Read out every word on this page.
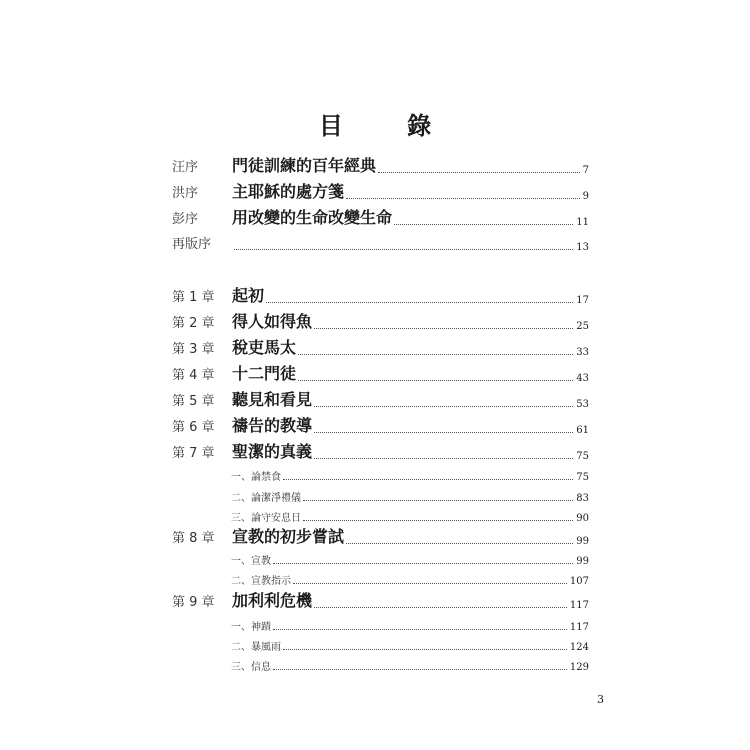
目 錄
汪序 門徒訓練的百年經典	7
洪序 主耶穌的處方箋	9
彭序 用改變的生命改變生命	11
再版序	13
第 1 章 起初	17
第 2 章 得人如得魚	25
第 3 章 稅吏馬太	33
第 4 章 十二門徒	43
第 5 章 聽見和看見	53
第 6 章 禱告的教導	61
第 7 章 聖潔的真義	75
一、論禁食	75
二、論潔淨禮儀	83
三、論守安息日	90
第 8 章 宣教的初步嘗試	99
一、宣教	99
二、宣教指示	107
第 9 章 加利利危機	117
一、神蹟	117
二、暴風雨	124
三、信息	129
3
